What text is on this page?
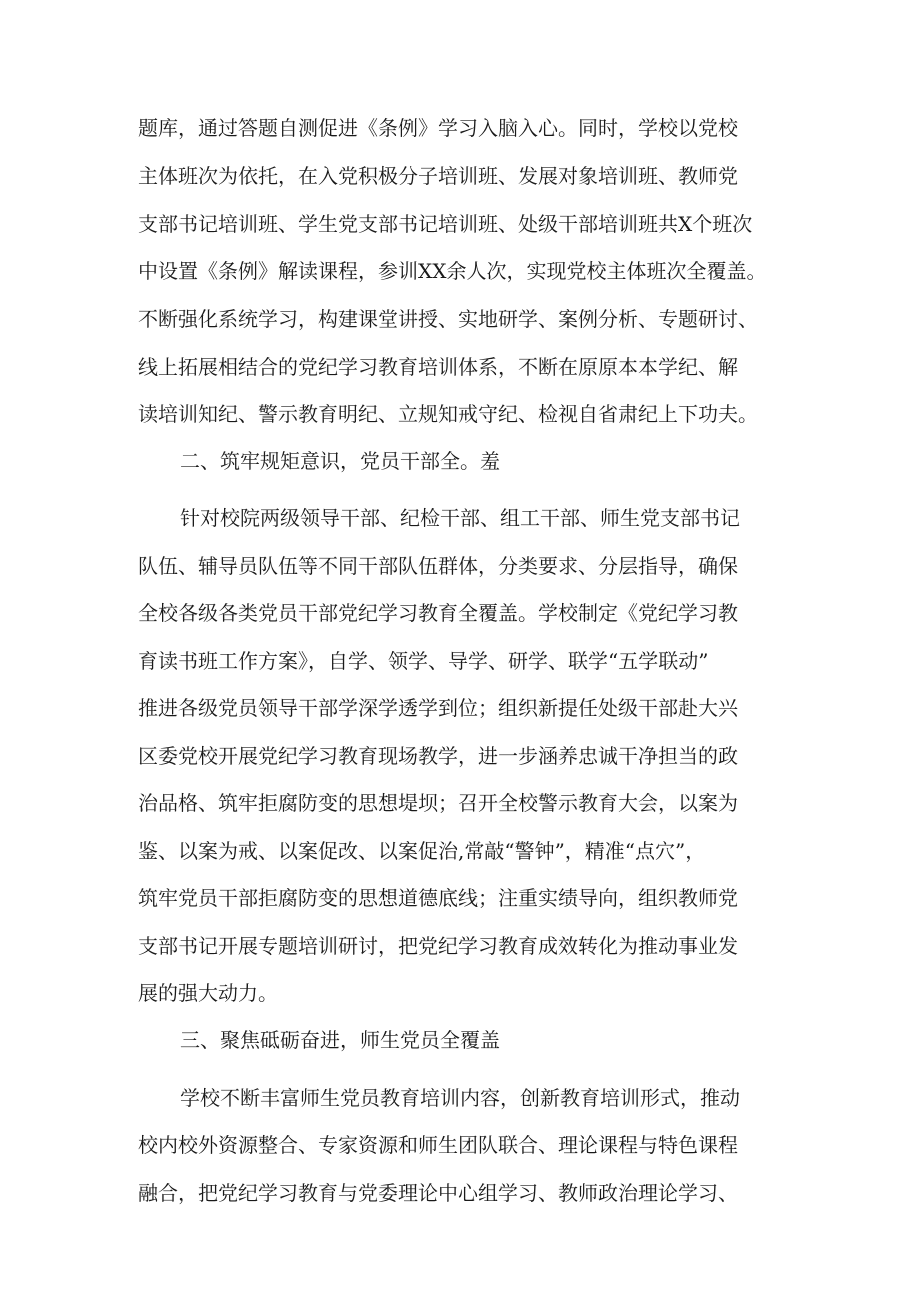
题库，通过答题自测促进《条例》学习入脑入心。同时，学校以党校
主体班次为依托，在入党积极分子培训班、发展对象培训班、教师党
支部书记培训班、学生党支部书记培训班、处级干部培训班共X个班次
中设置《条例》解读课程，参训XX余人次，实现党校主体班次全覆盖。
不断强化系统学习，构建课堂讲授、实地研学、案例分析、专题研讨、
线上拓展相结合的党纪学习教育培训体系，不断在原原本本学纪、解
读培训知纪、警示教育明纪、立规知戒守纪、检视自省肃纪上下功夫。
二、筑牢规矩意识，党员干部全。羞
针对校院两级领导干部、纪检干部、组工干部、师生党支部书记
队伍、辅导员队伍等不同干部队伍群体，分类要求、分层指导，确保
全校各级各类党员干部党纪学习教育全覆盖。学校制定《党纪学习教
育读书班工作方案》，自学、领学、导学、研学、联学“五学联动”
推进各级党员领导干部学深学透学到位；组织新提任处级干部赴大兴
区委党校开展党纪学习教育现场教学，进一步涵养忠诚干净担当的政
治品格、筑牢拒腐防变的思想堤坝；召开全校警示教育大会，以案为
鉴、以案为戒、以案促改、以案促治,常敲“警钟”，精准“点穴”，
筑牢党员干部拒腐防变的思想道德底线；注重实绩导向，组织教师党
支部书记开展专题培训研讨，把党纪学习教育成效转化为推动事业发
展的强大动力。
三、聚焦砥砺奋进，师生党员全覆盖
学校不断丰富师生党员教育培训内容，创新教育培训形式，推动
校内校外资源整合、专家资源和师生团队联合、理论课程与特色课程
融合，把党纪学习教育与党委理论中心组学习、教师政治理论学习、
